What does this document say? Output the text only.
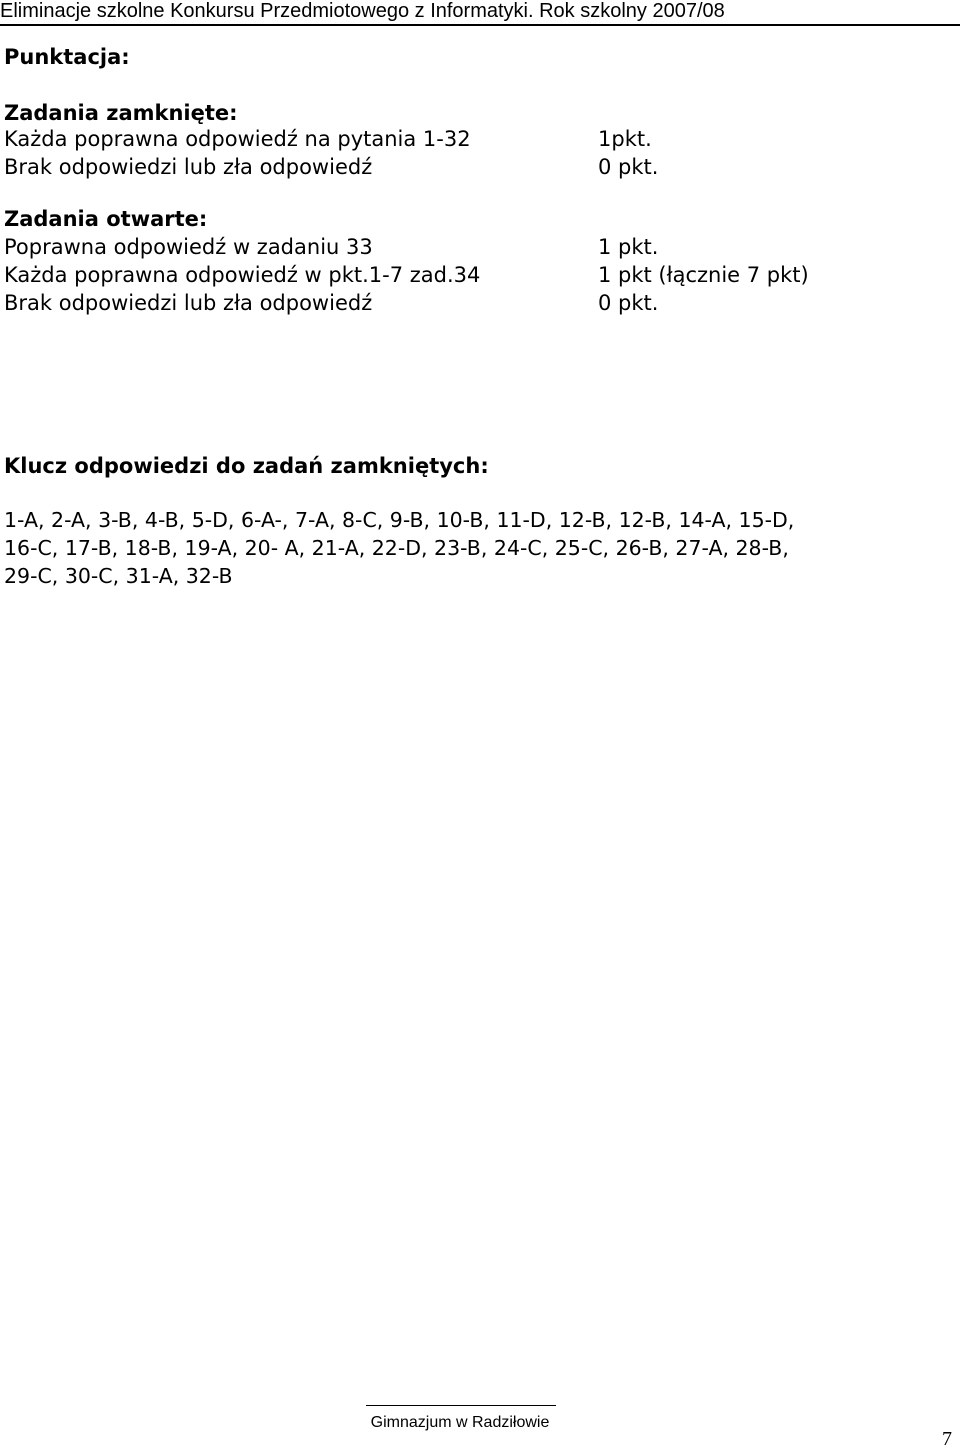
Eliminacje szkolne Konkursu Przedmiotowego z Informatyki. Rok szkolny 2007/08
Punktacja:
Zadania zamknięte:
Każda poprawna odpowiedź na pytania 1-32	1pkt.
Brak odpowiedzi lub zła odpowiedź	0 pkt.
Zadania otwarte:
Poprawna odpowiedź w zadaniu 33	1 pkt.
Każda poprawna odpowiedź w pkt.1-7 zad.34	1 pkt (łącznie 7 pkt)
Brak odpowiedzi lub zła odpowiedź	0 pkt.
Klucz odpowiedzi do zadań zamkniętych:
1-A, 2-A, 3-B, 4-B, 5-D, 6-A-, 7-A, 8-C, 9-B, 10-B, 11-D, 12-B, 12-B, 14-A, 15-D,
16-C, 17-B, 18-B, 19-A, 20- A, 21-A, 22-D, 23-B, 24-C, 25-C, 26-B, 27-A, 28-B,
29-C, 30-C, 31-A, 32-B
Gimnazjum w Radziłowie
7
